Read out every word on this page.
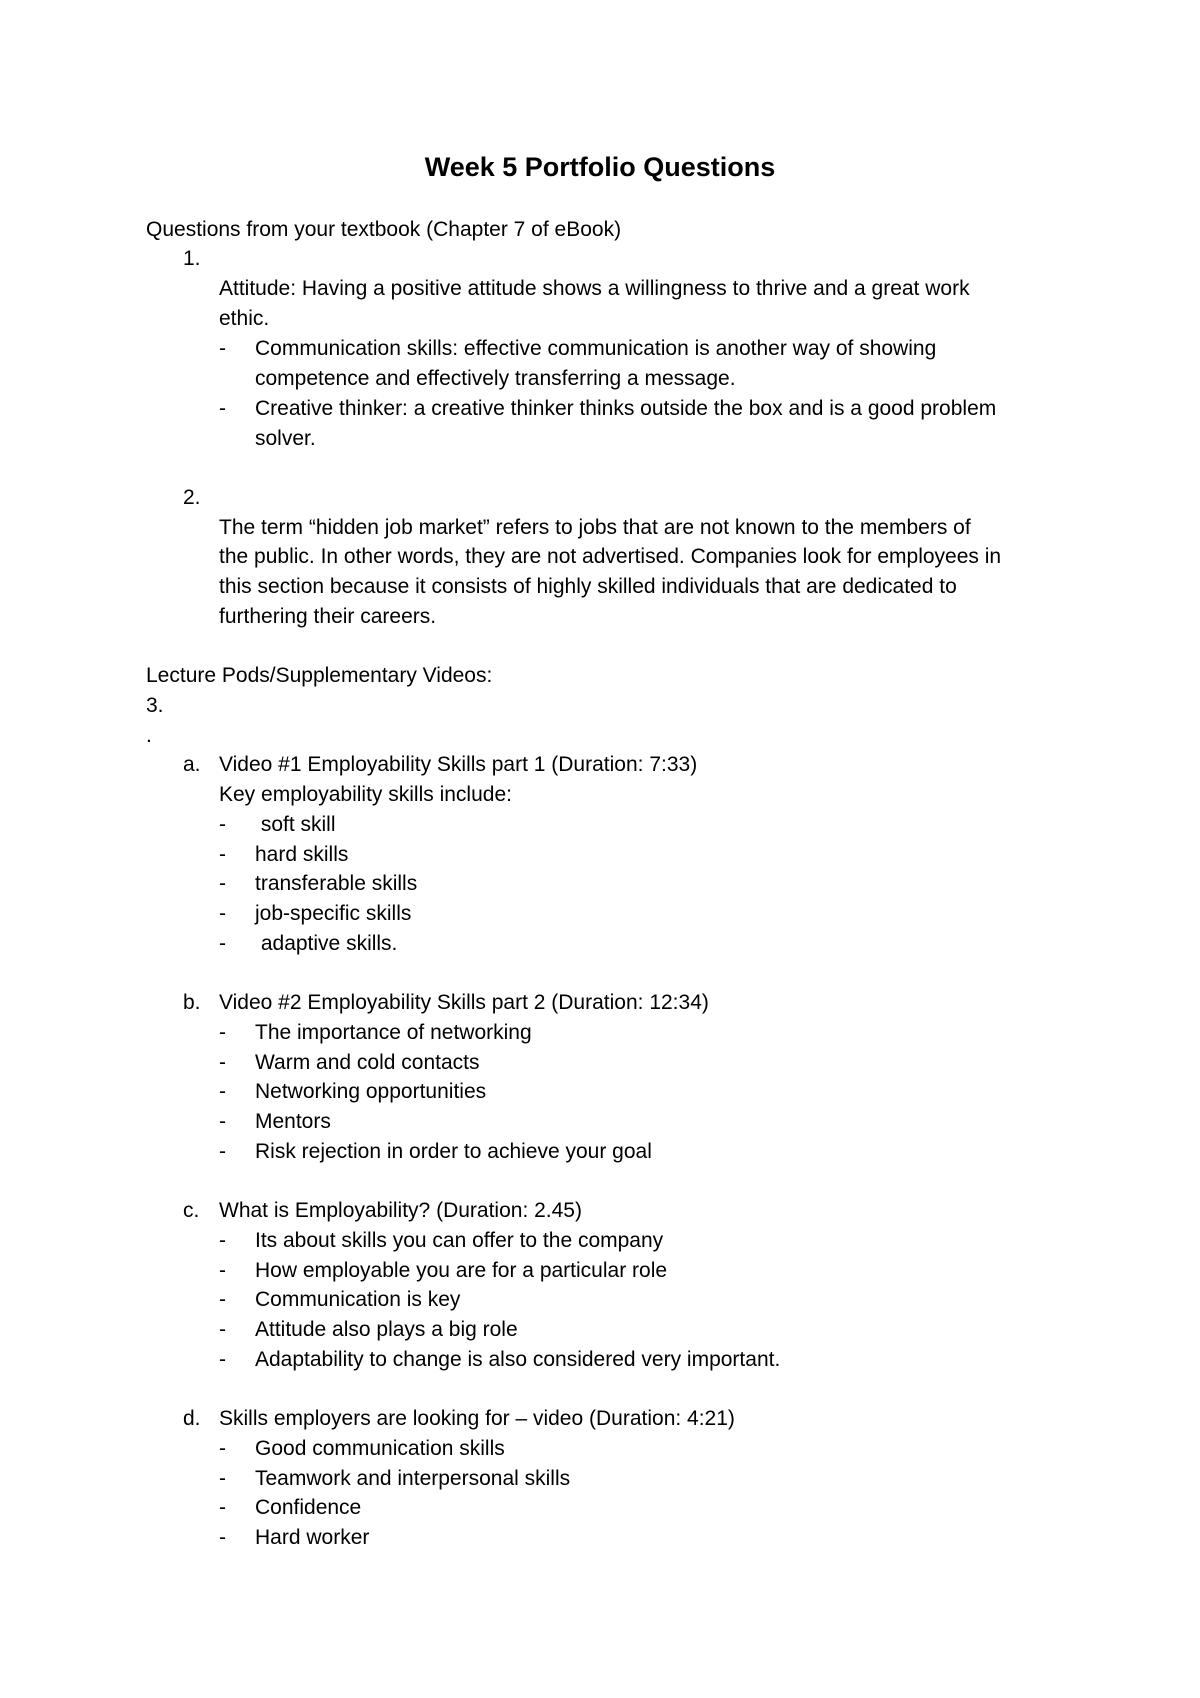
Week 5 Portfolio Questions
Questions from your textbook (Chapter 7 of eBook)
1.
Attitude: Having a positive attitude shows a willingness to thrive and a great work
ethic.
- Communication skills: effective communication is another way of showing
competence and effectively transferring a message.
- Creative thinker: a creative thinker thinks outside the box and is a good problem
solver.
2.
The term “hidden job market” refers to jobs that are not known to the members of
the public. In other words, they are not advertised. Companies look for employees in
this section because it consists of highly skilled individuals that are dedicated to
furthering their careers.
Lecture Pods/Supplementary Videos:
3.
.
a. Video #1 Employability Skills part 1 (Duration: 7:33)
Key employability skills include:
- soft skill
- hard skills
- transferable skills
- job-specific skills
- adaptive skills.
b. Video #2 Employability Skills part 2 (Duration: 12:34)
- The importance of networking
- Warm and cold contacts
- Networking opportunities
- Mentors
- Risk rejection in order to achieve your goal
c. What is Employability? (Duration: 2.45)
- Its about skills you can offer to the company
- How employable you are for a particular role
- Communication is key
- Attitude also plays a big role
- Adaptability to change is also considered very important.
d. Skills employers are looking for – video (Duration: 4:21)
- Good communication skills
- Teamwork and interpersonal skills
- Confidence
- Hard worker
